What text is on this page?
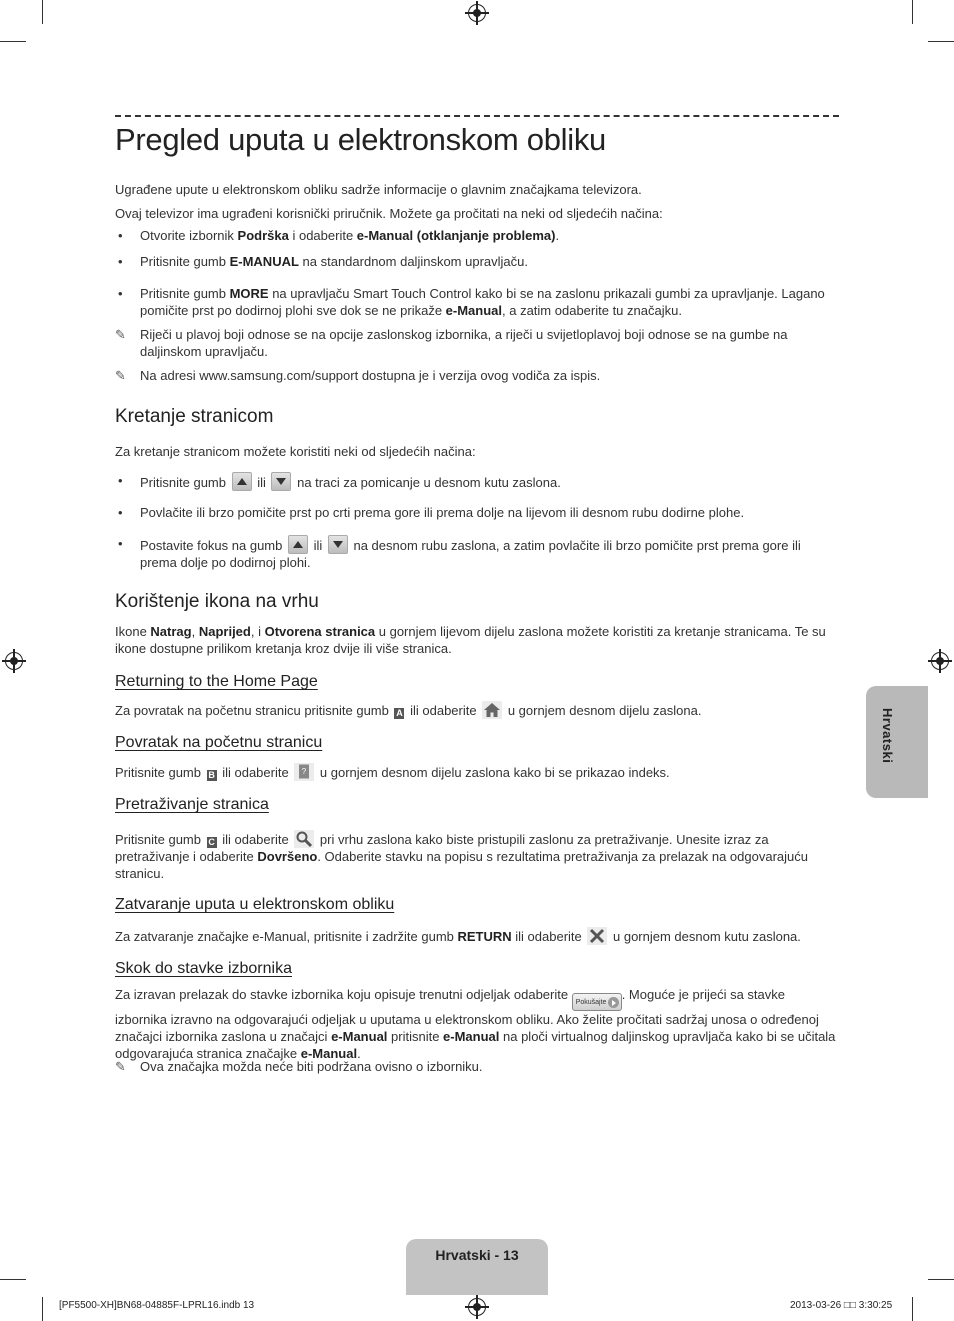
Pregled uputa u elektronskom obliku

Ugrađene upute u elektronskom obliku sadrže informacije o glavnim značajkama televizora.

Ovaj televizor ima ugrađeni korisnički priručnik. Možete ga pročitati na neki od sljedećih načina:

• Otvorite izbornik Podrška i odaberite e-Manual (otklanjanje problema).

• Pritisnite gumb E-MANUAL na standardnom daljinskom upravljaču.

• Pritisnite gumb MORE na upravljaču Smart Touch Control kako bi se na zaslonu prikazali gumbi za upravljanje. Lagano pomičite prst po dodirnoj plohi sve dok se ne prikaže e-Manual, a zatim odaberite tu značajku.

✎ Riječi u plavoj boji odnose se na opcije zaslonskog izbornika, a riječi u svijetloplavoj boji odnose se na gumbe na daljinskom upravljaču.

✎ Na adresi www.samsung.com/support dostupna je i verzija ovog vodiča za ispis.

Kretanje stranicom

Za kretanje stranicom možete koristiti neki od sljedećih načina:

• Pritisnite gumb  ili  na traci za pomicanje u desnom kutu zaslona.

• Povlačite ili brzo pomičite prst po crti prema gore ili prema dolje na lijevom ili desnom rubu dodirne plohe.

• Postavite fokus na gumb  ili  na desnom rubu zaslona, a zatim povlačite ili brzo pomičite prst prema gore ili prema dolje po dodirnoj plohi.

Korištenje ikona na vrhu

Ikone Natrag, Naprijed, i Otvorena stranica u gornjem lijevom dijelu zaslona možete koristiti za kretanje stranicama. Te su ikone dostupne prilikom kretanja kroz dvije ili više stranica.

Returning to the Home Page

Za povratak na početnu stranicu pritisnite gumb A ili odaberite  u gornjem desnom dijelu zaslona.

Povratak na početnu stranicu

Pritisnite gumb B ili odaberite ? u gornjem desnom dijelu zaslona kako bi se prikazao indeks.

Pretraživanje stranica

Pritisnite gumb C ili odaberite  pri vrhu zaslona kako biste pristupili zaslonu za pretraživanje. Unesite izraz za pretraživanje i odaberite Dovršeno. Odaberite stavku na popisu s rezultatima pretraživanja za prelazak na odgovarajuću stranicu.

Zatvaranje uputa u elektronskom obliku

Za zatvaranje značajke e-Manual, pritisnite i zadržite gumb RETURN ili odaberite  u gornjem desnom kutu zaslona.

Skok do stavke izbornika

Za izravan prelazak do stavke izbornika koju opisuje trenutni odjeljak odaberite Pokušajte
. Moguće je prijeći sa stavke izbornika izravno na odgovarajući odjeljak u uputama u elektronskom obliku. Ako želite pročitati sadržaj unosa o određenoj značajci izbornika zaslona u značajci e-Manual pritisnite e-Manual na ploči virtualnog daljinskog upravljača kako bi se učitala odgovarajuća stranica značajke e-Manual.

✎ Ova značajka možda neće biti podržana ovisno o izborniku.

Hrvatski
Hrvatski - 13
[PF5500-XH]BN68-04885F-LPRL16.indb 13	2013-03-26 □□ 3:30:25
